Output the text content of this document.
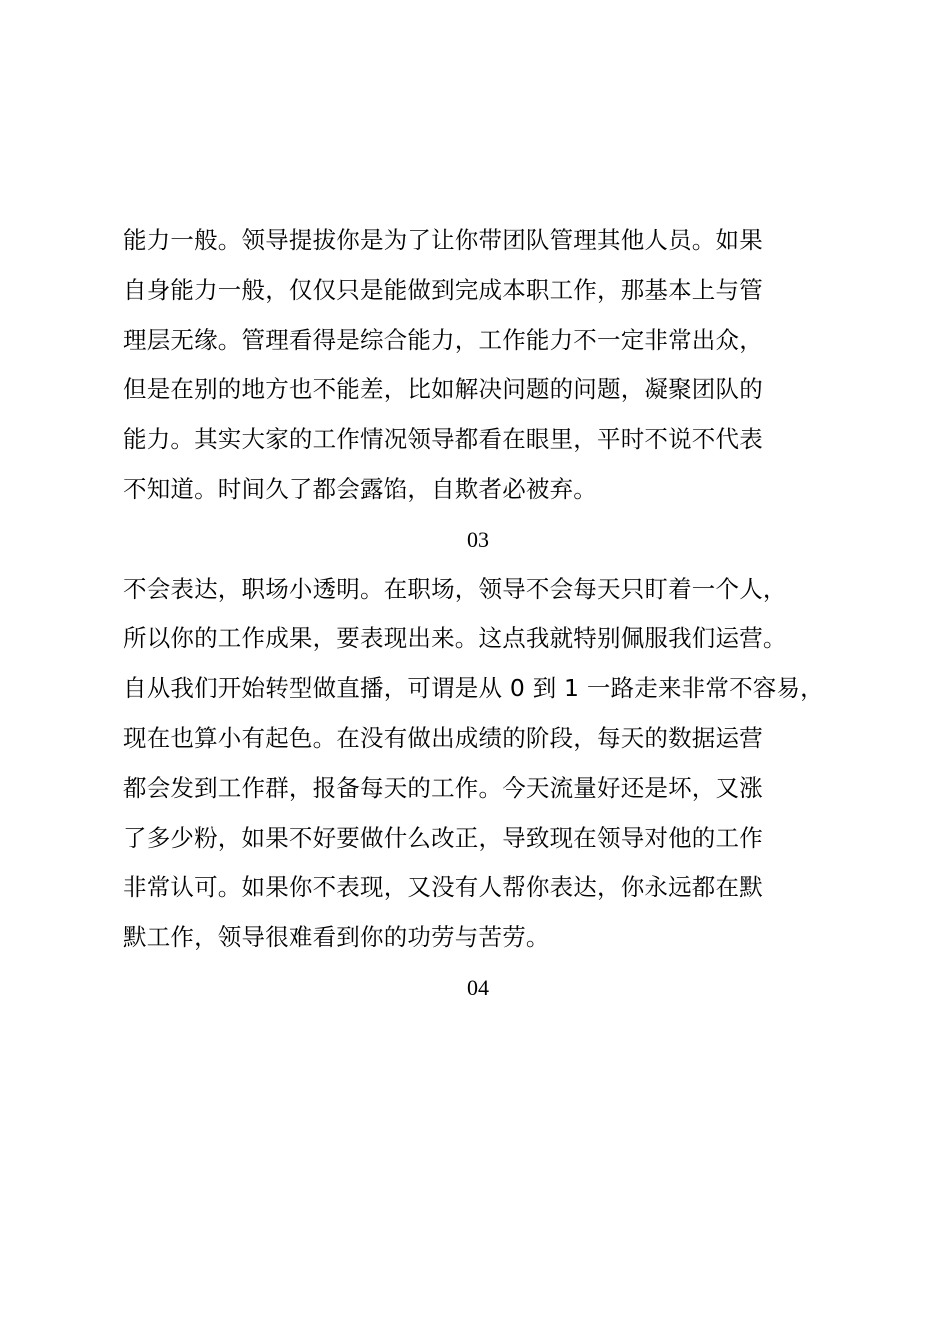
能力一般。领导提拔你是为了让你带团队管理其他人员。如果
自身能力一般，仅仅只是能做到完成本职工作，那基本上与管
理层无缘。管理看得是综合能力，工作能力不一定非常出众，
但是在别的地方也不能差，比如解决问题的问题，凝聚团队的
能力。其实大家的工作情况领导都看在眼里，平时不说不代表
不知道。时间久了都会露馅，自欺者必被弃。
03
不会表达，职场小透明。在职场，领导不会每天只盯着一个人，
所以你的工作成果，要表现出来。这点我就特别佩服我们运营。
自从我们开始转型做直播，可谓是从 0 到 1 一路走来非常不容易，
现在也算小有起色。在没有做出成绩的阶段，每天的数据运营
都会发到工作群，报备每天的工作。今天流量好还是坏，又涨
了多少粉，如果不好要做什么改正，导致现在领导对他的工作
非常认可。如果你不表现，又没有人帮你表达，你永远都在默
默工作，领导很难看到你的功劳与苦劳。
04
